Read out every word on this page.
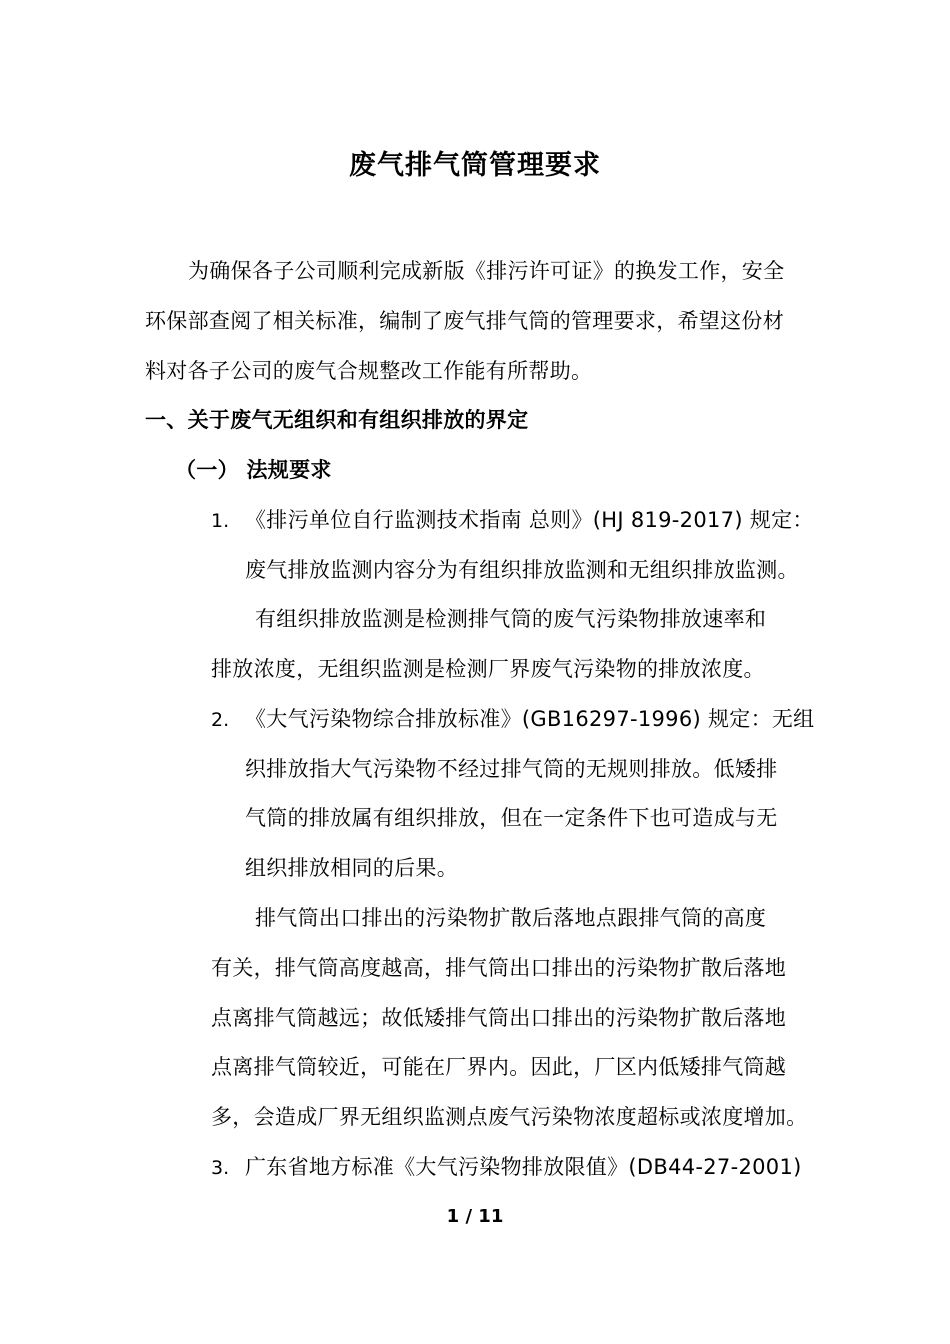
废气排气筒管理要求
为确保各子公司顺利完成新版《排污许可证》的换发工作，安全
环保部查阅了相关标准，编制了废气排气筒的管理要求，希望这份材
料对各子公司的废气合规整改工作能有所帮助。
一、关于废气无组织和有组织排放的界定
（一） 法规要求
1. 《排污单位自行监测技术指南 总则》(HJ 819-2017) 规定：
废气排放监测内容分为有组织排放监测和无组织排放监测。
有组织排放监测是检测排气筒的废气污染物排放速率和
排放浓度，无组织监测是检测厂界废气污染物的排放浓度。
2. 《大气污染物综合排放标准》(GB16297-1996) 规定：无组
织排放指大气污染物不经过排气筒的无规则排放。低矮排
气筒的排放属有组织排放，但在一定条件下也可造成与无
组织排放相同的后果。
排气筒出口排出的污染物扩散后落地点跟排气筒的高度
有关，排气筒高度越高，排气筒出口排出的污染物扩散后落地
点离排气筒越远；故低矮排气筒出口排出的污染物扩散后落地
点离排气筒较近，可能在厂界内。因此，厂区内低矮排气筒越
多，会造成厂界无组织监测点废气污染物浓度超标或浓度增加。
3. 广东省地方标准《大气污染物排放限值》(DB44-27-2001)
1 / 11
